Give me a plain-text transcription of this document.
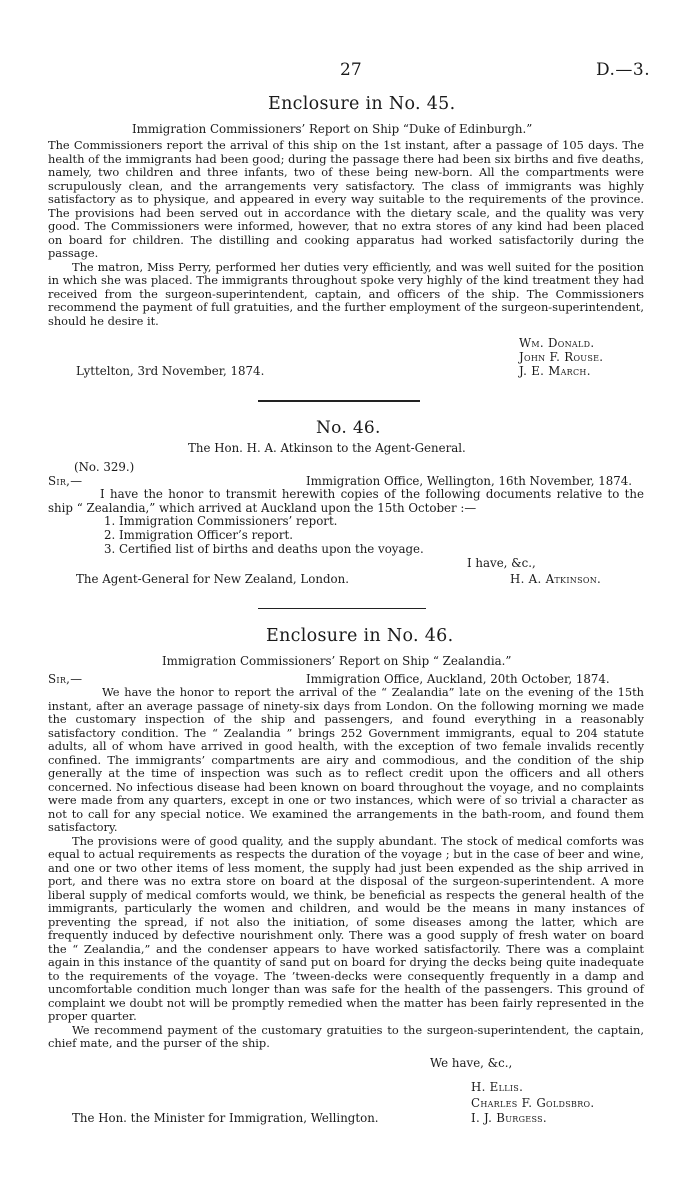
27	D.—3.
Enclosure in No. 45.
Immigration Commissioners’ Report on Ship “Duke of Edinburgh.”

The Commissioners report the arrival of this ship on the 1st instant, after a passage of 105 days. The health of the immigrants had been good; during the passage there had been six births and five deaths, namely, two children and three infants, two of these being new-born. All the compartments were scrupulously clean, and the arrangements very satisfactory. The class of immigrants was highly satisfactory as to physique, and appeared in every way suitable to the requirements of the province. The provisions had been served out in accordance with the dietary scale, and the quality was very good. The Commissioners were informed, however, that no extra stores of any kind had been placed on board for children. The distilling and cooking apparatus had worked satisfactorily during the passage.

The matron, Miss Perry, performed her duties very efficiently, and was well suited for the position in which she was placed. The immigrants throughout spoke very highly of the kind treatment they had received from the surgeon-superintendent, captain, and officers of the ship. The Commissioners recommend the payment of full gratuities, and the further employment of the surgeon-superintendent, should he desire it.

Wm. Donald.
John F. Rouse.
Lyttelton, 3rd November, 1874.	J. E. March.
No. 46.
The Hon. H. A. Atkinson to the Agent-General.
(No. 329.)
Sir,—	Immigration Office, Wellington, 16th November, 1874.

I have the honor to transmit herewith copies of the following documents relative to the ship “ Zealandia,” which arrived at Auckland upon the 15th October :—

1. Immigration Commissioners’ report.
2. Immigration Officer’s report.
3. Certified list of births and deaths upon the voyage.
I have, &c.,
The Agent-General for New Zealand, London.	H. A. Atkinson.
Enclosure in No. 46.
Immigration Commissioners’ Report on Ship “ Zealandia.”
Sir,—	Immigration Office, Auckland, 20th October, 1874.

We have the honor to report the arrival of the “ Zealandia” late on the evening of the 15th instant, after an average passage of ninety-six days from London. On the following morning we made the customary inspection of the ship and passengers, and found everything in a reasonably satisfactory condition. The “ Zealandia ” brings 252 Government immigrants, equal to 204 statute adults, all of whom have arrived in good health, with the exception of two female invalids recently confined. The immigrants’ compartments are airy and commodious, and the condition of the ship generally at the time of inspection was such as to reflect credit upon the officers and all others concerned. No infectious disease had been known on board throughout the voyage, and no complaints were made from any quarters, except in one or two instances, which were of so trivial a character as not to call for any special notice. We examined the arrangements in the bath-room, and found them satisfactory.

The provisions were of good quality, and the supply abundant. The stock of medical comforts was equal to actual requirements as respects the duration of the voyage ; but in the case of beer and wine, and one or two other items of less moment, the supply had just been expended as the ship arrived in port, and there was no extra store on board at the disposal of the surgeon-superintendent. A more liberal supply of medical comforts would, we think, be beneficial as respects the general health of the immigrants, particularly the women and children, and would be the means in many instances of preventing the spread, if not also the initiation, of some diseases among the latter, which are frequently induced by defective nourishment only. There was a good supply of fresh water on board the “ Zealandia,” and the condenser appears to have worked satisfactorily. There was a complaint again in this instance of the quantity of sand put on board for drying the decks being quite inadequate to the requirements of the voyage. The ’tween-decks were consequently frequently in a damp and uncomfortable condition much longer than was safe for the health of the passengers. This ground of complaint we doubt not will be promptly remedied when the matter has been fairly represented in the proper quarter.

We recommend payment of the customary gratuities to the surgeon-superintendent, the captain, chief mate, and the purser of the ship.

We have, &c.,
H. Ellis.
Charles F. Goldsbro.
The Hon. the Minister for Immigration, Wellington.	I. J. Burgess.
